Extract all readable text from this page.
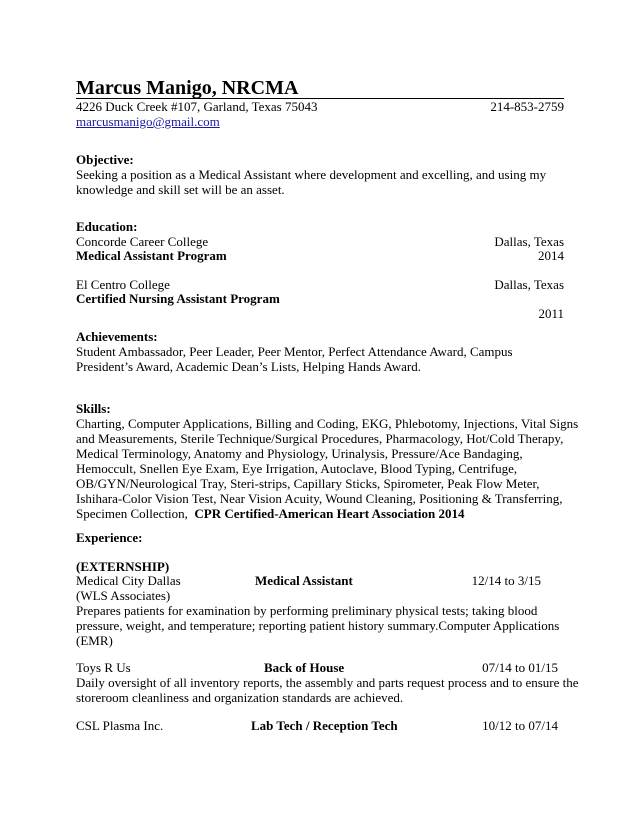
Marcus Manigo, NRCMA
4226 Duck Creek #107, Garland, Texas 75043	214-853-2759
marcusmanigo@gmail.com
Objective:
Seeking a position as a Medical Assistant where development and excelling, and using my
knowledge and skill set will be an asset.
Education:
Concorde Career College	Dallas, Texas
Medical Assistant Program	2014
El Centro College	Dallas, Texas
Certified Nursing Assistant Program
2011
Achievements:
Student Ambassador, Peer Leader, Peer Mentor, Perfect Attendance Award, Campus
President’s Award, Academic Dean’s Lists, Helping Hands Award.
Skills:
Charting, Computer Applications, Billing and Coding, EKG, Phlebotomy, Injections, Vital Signs
and Measurements, Sterile Technique/Surgical Procedures, Pharmacology, Hot/Cold Therapy,
Medical Terminology, Anatomy and Physiology, Urinalysis, Pressure/Ace Bandaging,
Hemoccult, Snellen Eye Exam, Eye Irrigation, Autoclave, Blood Typing, Centrifuge,
OB/GYN/Neurological Tray, Steri-strips, Capillary Sticks, Spirometer, Peak Flow Meter,
Ishihara-Color Vision Test, Near Vision Acuity, Wound Cleaning, Positioning & Transferring,
Specimen Collection, CPR Certified-American Heart Association 2014
Experience:
(EXTERNSHIP)
Medical City Dallas	Medical Assistant	12/14 to 3/15
(WLS Associates)
Prepares patients for examination by performing preliminary physical tests; taking blood
pressure, weight, and temperature; reporting patient history summary.Computer Applications
(EMR)
Toys R Us	Back of House	07/14 to 01/15
Daily oversight of all inventory reports, the assembly and parts request process and to ensure the
storeroom cleanliness and organization standards are achieved.
CSL Plasma Inc.	Lab Tech / Reception Tech	10/12 to 07/14
